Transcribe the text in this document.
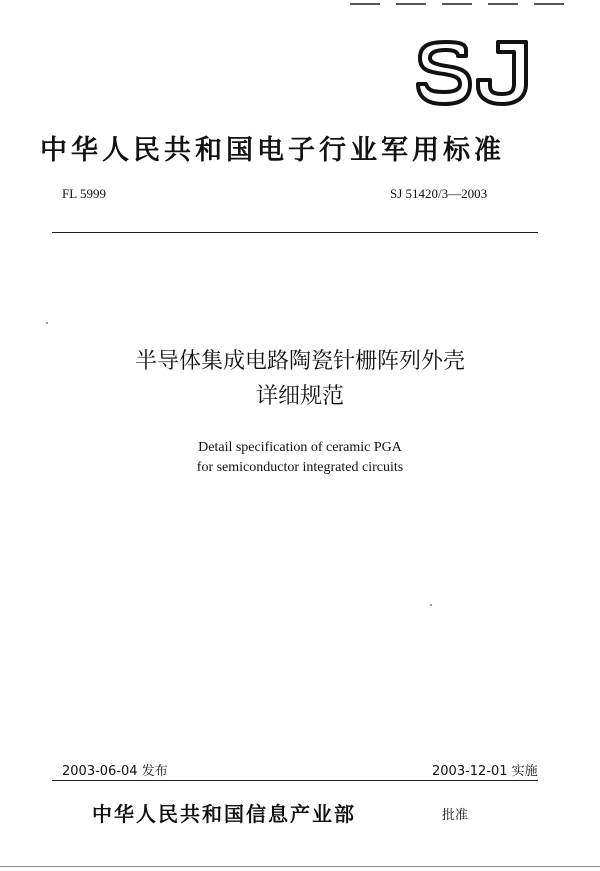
中华人民共和国电子行业军用标准
FL 5999	SJ 51420/3—2003
半导体集成电路陶瓷针栅阵列外壳
详细规范
Detail specification of ceramic PGA
for semiconductor integrated circuits
2003-06-04 发布	2003-12-01 实施
中华人民共和国信息产业部	批准
